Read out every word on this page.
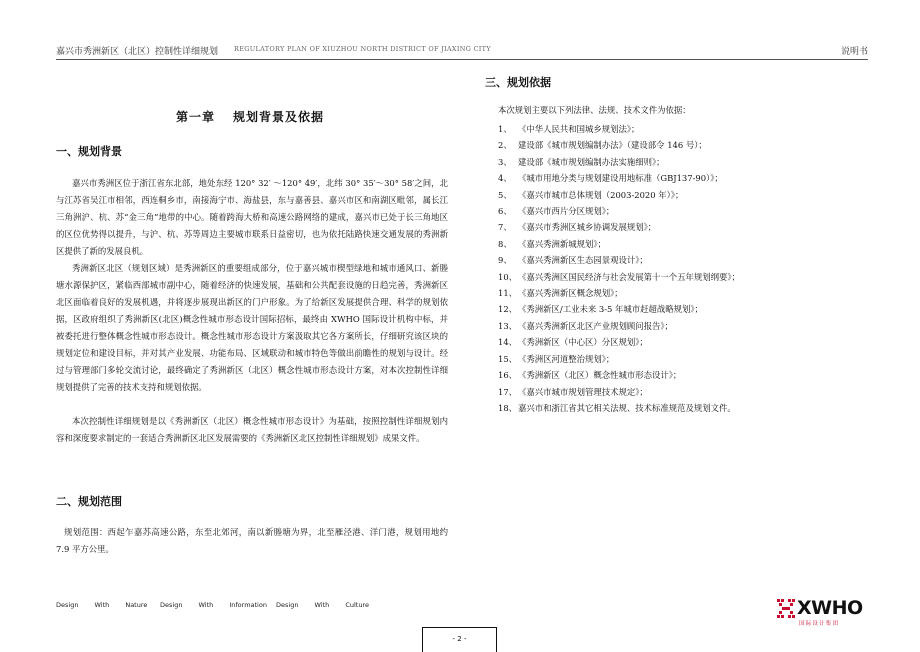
嘉兴市秀洲新区（北区）控制性详细规划 REGULATORY PLAN OF XIUZHOU NORTH DISTRICT OF JIAXING CITY	说明书
第一章 规划背景及依据
一、规划背景

嘉兴市秀洲区位于浙江省东北部，地处东经 120° 32′ ～120° 49′，北纬 30° 35′～30° 58′之间，北与江苏省吴江市相邻，西连桐乡市，南接海宁市、海盐县，东与嘉善县、嘉兴市区和南湖区毗邻，属长江三角洲沪、杭、苏“金三角”地带的中心。随着跨海大桥和高速公路网络的建成，嘉兴市已处于长三角地区的区位优势得以提升，与沪、杭、苏等周边主要城市联系日益密切，也为依托陆路快速交通发展的秀洲新区提供了新的发展良机。

秀洲新区北区（规划区域）是秀洲新区的重要组成部分，位于嘉兴城市楔型绿地和城市通风口、新塍塘水源保护区，紧临西部城市副中心，随着经济的快速发展，基础和公共配套设施的日趋完善，秀洲新区北区面临着良好的发展机遇，并将逐步展现出新区的门户形象。为了给新区发展提供合理、科学的规划依据，区政府组织了秀洲新区(北区)概念性城市形态设计国际招标，最终由 XWHO 国际设计机构中标，并被委托进行整体概念性城市形态设计。概念性城市形态设计方案汲取其它各方案所长，仔细研究该区块的规划定位和建设目标，并对其产业发展、功能布局、区域联动和城市特色等做出前瞻性的规划与设计。经过与管理部门多轮交流讨论，最终确定了秀洲新区（北区）概念性城市形态设计方案，对本次控制性详细规划提供了完善的技术支持和规划依据。

本次控制性详细规划是以《秀洲新区（北区）概念性城市形态设计》为基础，按照控制性详细规划内容和深度要求制定的一套适合秀洲新区北区发展需要的《秀洲新区北区控制性详细规划》成果文件。

二、规划范围

规划范围：西起乍嘉苏高速公路，东至北郊河，南以新塍塘为界，北至雁泾港、洋门港，规划用地约 7.9 平方公里。

三、规划依据
本次规划主要以下列法律、法规、技术文件为依据：
1、 《中华人民共和国城乡规划法》；
2、 建设部《城市规划编制办法》（建设部令 146 号）；
3、 建设部《城市规划编制办法实施细则》；
4、 《城市用地分类与规划建设用地标准（GBJ137-90）》；
5、 《嘉兴市城市总体规划（2003-2020 年）》；
6、 《嘉兴市西片分区规划》；
7、 《嘉兴市秀洲区城乡协调发展规划》；
8、 《嘉兴秀洲新城规划》；
9、 《嘉兴秀洲新区生态园景观设计》；
10、《嘉兴秀洲区国民经济与社会发展第十一个五年规划纲要》；
11、《嘉兴秀洲新区概念规划》；
12、《秀洲新区/工业未来 3-5 年城市赶超战略规划》；
13、《嘉兴秀洲新区北区产业规划顾问报告》；
14、《秀洲新区（中心区）分区规划》；
15、《秀洲区河道整治规划》；
16、《秀洲新区（北区）概念性城市形态设计》；
17、《嘉兴市城市规划管理技术规定》；
18、嘉兴市和浙江省其它相关法规、技术标准规范及规划文件。
Design With Nature Design With Information Design With Culture	XWHO
国际设计集团
- 2 -
